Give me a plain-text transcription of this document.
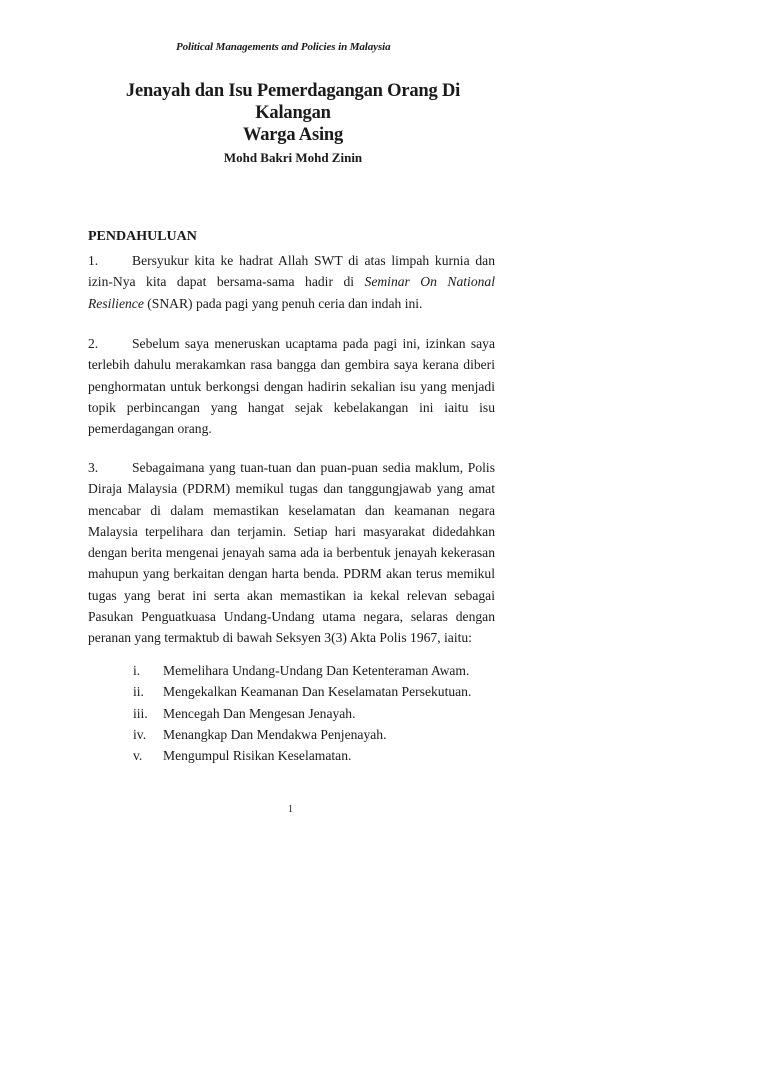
Political Managements and Policies in Malaysia
Jenayah dan Isu Pemerdagangan Orang Di Kalangan
Warga Asing
Mohd Bakri Mohd Zinin
PENDAHULUAN

1. Bersyukur kita ke hadrat Allah SWT di atas limpah kurnia dan izin-Nya kita dapat bersama-sama hadir di Seminar On National Resilience (SNAR) pada pagi yang penuh ceria dan indah ini.

2. Sebelum saya meneruskan ucaptama pada pagi ini, izinkan saya terlebih dahulu merakamkan rasa bangga dan gembira saya kerana diberi penghormatan untuk berkongsi dengan hadirin sekalian isu yang menjadi topik perbincangan yang hangat sejak kebelakangan ini iaitu isu pemerdagangan orang.

3. Sebagaimana yang tuan-tuan dan puan-puan sedia maklum, Polis Diraja Malaysia (PDRM) memikul tugas dan tanggungjawab yang amat mencabar di dalam memastikan keselamatan dan keamanan negara Malaysia terpelihara dan terjamin. Setiap hari masyarakat didedahkan dengan berita mengenai jenayah sama ada ia berbentuk jenayah kekerasan mahupun yang berkaitan dengan harta benda. PDRM akan terus memikul tugas yang berat ini serta akan memastikan ia kekal relevan sebagai Pasukan Penguatkuasa Undang-Undang utama negara, selaras dengan peranan yang termaktub di bawah Seksyen 3(3) Akta Polis 1967, iaitu:

i.	Memelihara Undang-Undang Dan Ketenteraman Awam.
ii.	Mengekalkan Keamanan Dan Keselamatan Persekutuan.
iii.	Mencegah Dan Mengesan Jenayah.
iv.	Menangkap Dan Mendakwa Penjenayah.
v.	Mengumpul Risikan Keselamatan.
1
